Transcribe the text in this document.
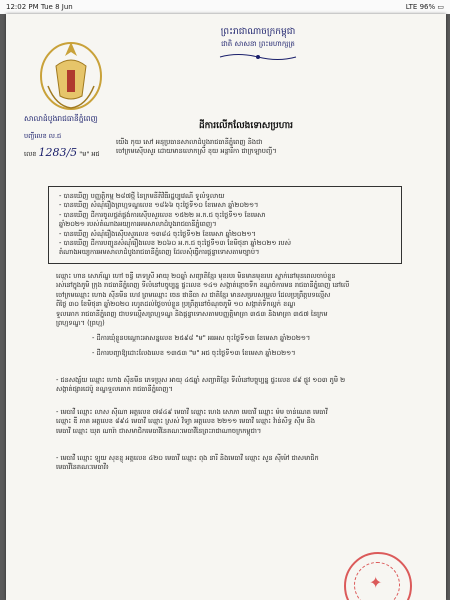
12:02 PM Tue 8 Jun	LTE 96% ▭
ព្រះរាជាណាចក្រកម្ពុជា
ជាតិ សាសនា ព្រះមហាក្សត្រ
សាលាដំបូងរាជធានីភ្នំពេញ
បញ្ជីលេខ ល.ជ
លេខ 1283/5 "ម" អជ
ដីការលើកលែងទោសប្រហារ
យើង កុយ សៅ អនុប្រធានសាលាដំបូងរាជធានីភ្នំពេញ និងជា
ចៅក្រមស៊ើបសួរ ដោយមានលោកស្រី ខុយ អន្តារីកា ជាក្រឡាបញ្ជី។
- បានឃើញ បញ្ញត្តិកម្ម ២៨៧ថ្មី នៃក្រមនីតិវិធីរដ្ឋប្បវេណី ទូលំទូលាយ
- បានឃើញ សំណុំរឿងព្រហ្មទណ្ឌលេខ ១៨៦៦ ចុះថ្ងៃទី១០ ខែមេសា ឆ្នាំ២០២១។
- បានឃើញ ដីការចូលផ្គត់ផ្គង់ការស៊ើបសួរលេខ ១៥២២ អ.ក.ជ ចុះថ្ងៃទី១១ ខែមេសា
ឆ្នាំ២០២១ របស់តំណាងអយ្យការអមសាលាដំបូងរាជធានីភ្នំពេញ។
- បានឃើញ សំណុំរឿងស៊ើបសួរលេខ ១៣៨៤ ចុះថ្ងៃទី១២ ខែមេសា ឆ្នាំ២០២១។
- បានឃើញ ដីការបញ្ជូនសំណុំរឿងលេខ ២០៦០ អ.ក.ជ ចុះថ្ងៃទី១៣ ខែមិថុនា ឆ្នាំ២០២១ របស់
តំណាងអយ្យការអមសាលាដំបូងរាជធានីភ្នំពេញ ដែលសុំធ្វើការផ្តន្ទាទោសតាមច្បាប់។
ឈ្មោះ ហាន សោភ័ណ្ឌ ហៅ ចន្ធី ភេទស្រី អាយុ ២០ឆ្នាំ សញ្ជាតិខ្មែរ មុខរបរ មិនមានមុខរបរ ស្នាក់នៅមុនពេលចាប់ខ្លួន
រស់នៅក្នុងភូមិ ក្រុង រាជធានីភ្នំពេញ ទីលំនៅបច្ចុប្បន្ន ផ្ទះលេខ ១៤១ សង្កាត់ខ្មោចទឹក ខណ្ឌចំការមន រាជធានីភ្នំពេញ នៅលើ
ចៅក្រមឈ្មោះ ហោង ស៊ីនមីន ហេវ ព្រមឈ្មោះ ចេន ផានីធា ស ជាតិខ្មែរ មានសម្របសម្រួល ដែលប្រព្រឹត្តបទល្មើស
ពីថ្ងៃ ៣០ ខែមិថុនា ឆ្នាំ២០២០ រហូតដល់ថ្ងៃចាប់ខ្លួន ប្រព្រឹត្តនៅចំណុចភូមិ ១០ សង្កាត់ទឹកល្អក់ ខណ្ឌ
ទួលគោក រាជធានីភ្នំពេញ ជាបទល្មើសព្រហ្មទណ្ឌ និងផ្តន្ទាទោសតាមបញ្ញត្តិមាត្រា ៣៥៣ និងមាត្រា ៣៥៧ នៃក្រម
ព្រហ្មទណ្ឌ។ (ព្រហ្ម)
- ដីការឃុំខ្លួនបណ្ដោះអាសន្នលេខ ២៥៩៨ "ម" អរអស ចុះថ្ងៃទី១៣ ខែមេសា ឆ្នាំ២០២១។
- ដីការបញ្ជាឱ្យដោះលែងលេខ ១៣៥៣ "ម" អជ ចុះថ្ងៃទី១៣ ខែមេសា ឆ្នាំ២០២១។
- ជនសង្ស័យ ឈ្មោះ ហោង ស៊ីនមីន ភេទប្រុស អាយុ ៤៥ឆ្នាំ សញ្ជាតិខ្មែរ ទីលំនៅបច្ចុប្បន្ន ផ្ទះលេខ ៨៩ ផ្លូវ ១០៣ ភូមិ ២
សង្កាត់ផ្សារដេប៉ូ ខណ្ឌទួលគោក រាជធានីភ្នំពេញ។
- មេធាវី ឈ្មោះ លាស ស៊ីណា អត្តលេខ ៧៨៤៩ មេធាវី ឈ្មោះ ហេង សោភា មេធាវី ឈ្មោះ ម៉ម ចាន់ណេត មេធាវី
ឈ្មោះ ឌី ភាគ អត្តលេខ ៨៩៤ មេធាវី ឈ្មោះ ស្រស់ វិទ្យា អត្តលេខ ២២១១ មេធាវី ឈ្មោះ វ៉ាន់សិទ្ធ ស៊ីម និង
មេធាវី ឈ្មោះ ឃុត ណារ៉ា ជាសមាជិកមេធាវីនៃគណៈមេធាវីនៃព្រះរាជាណាចក្រកម្ពុជា។
- មេធាវី ឈ្មោះ ឡុយ សុខខ្ញុ អត្តលេខ ៤២០ មេធាវី ឈ្មោះ ពុង នារី និងមេធាវី ឈ្មោះ សួន ស៊ីម៉ៅ ជាសមាជិក
មេធាវីនៃគណៈមេធាវី៖
✦
